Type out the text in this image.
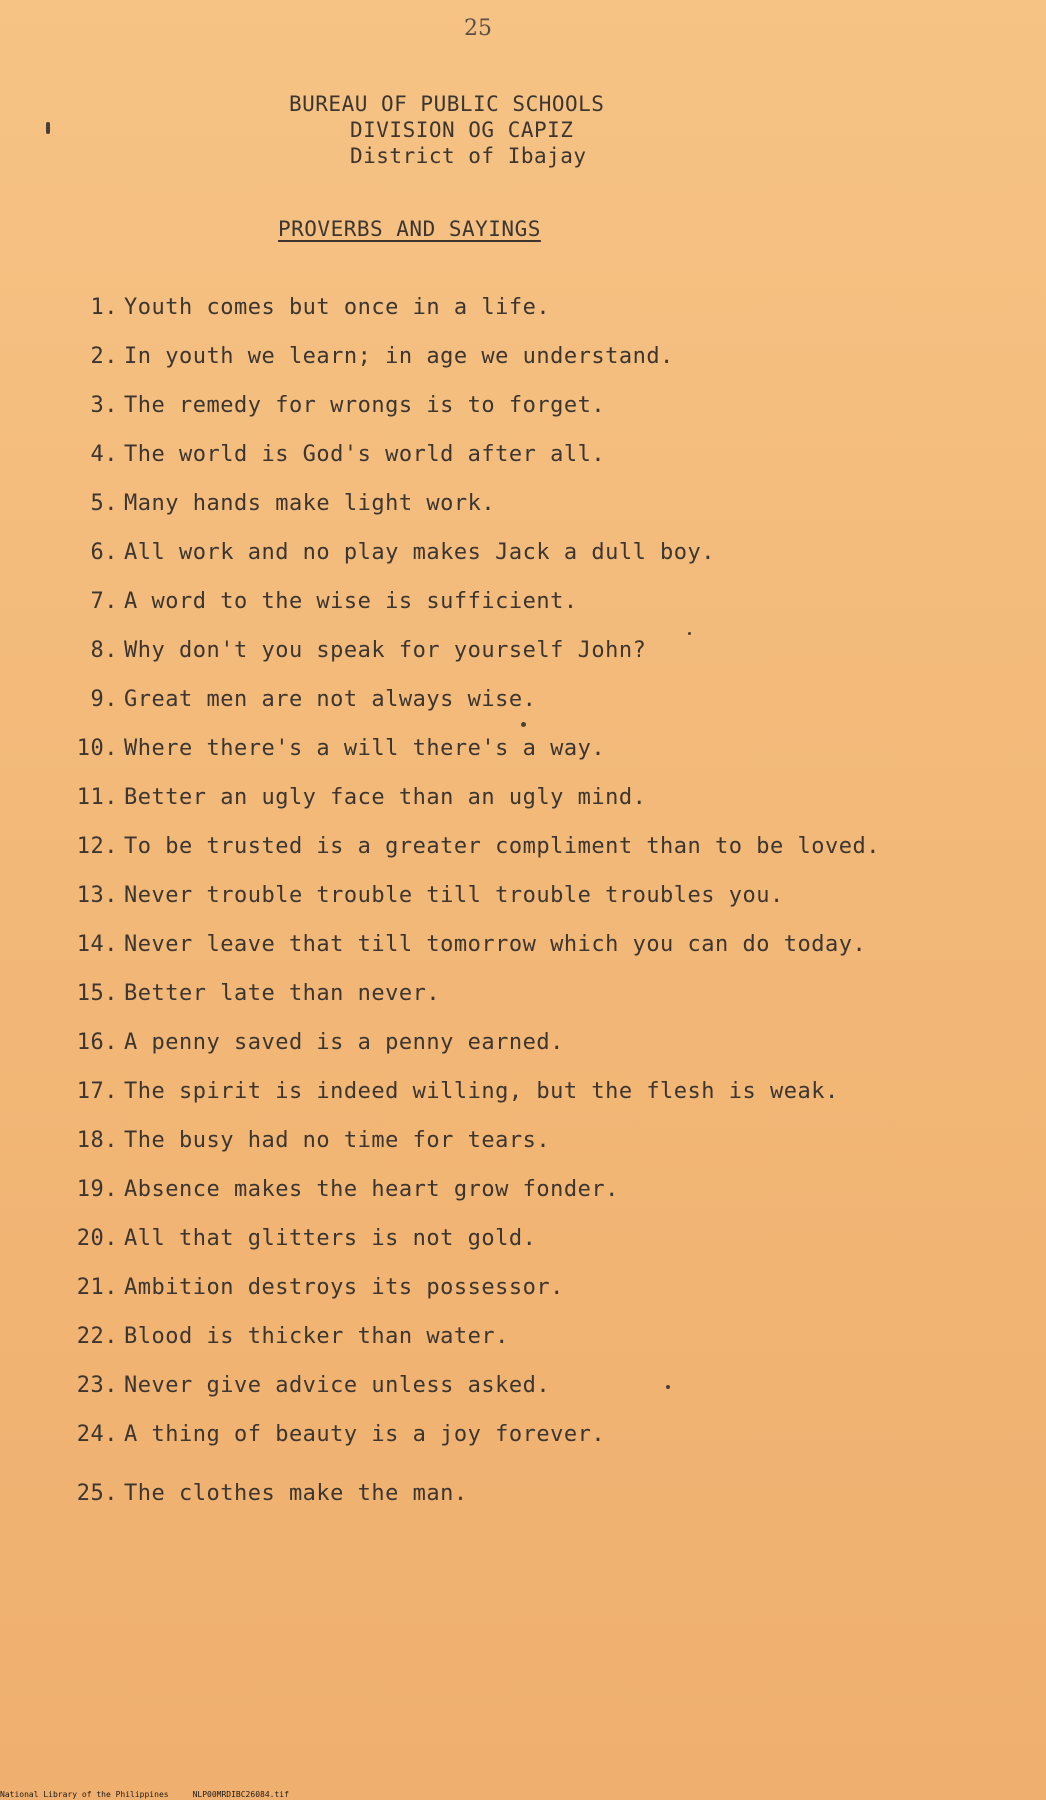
25
BUREAU OF PUBLIC SCHOOLS
DIVISION OG CAPIZ
District of Ibajay
PROVERBS AND SAYINGS
1. Youth comes but once in a life.
2. In youth we learn; in age we understand.
3. The remedy for wrongs is to forget.
4. The world is God's world after all.
5. Many hands make light work.
6. All work and no play makes Jack a dull boy.
7. A word to the wise is sufficient.
8. Why don't you speak for yourself John?
9. Great men are not always wise.
10. Where there's a will there's a way.
11. Better an ugly face than an ugly mind.
12. To be trusted is a greater compliment than to be loved.
13. Never trouble trouble till trouble troubles you.
14. Never leave that till tomorrow which you can do today.
15. Better late than never.
16. A penny saved is a penny earned.
17. The spirit is indeed willing, but the flesh is weak.
18. The busy had no time for tears.
19. Absence makes the heart grow fonder.
20. All that glitters is not gold.
21. Ambition destroys its possessor.
22. Blood is thicker than water.
23. Never give advice unless asked.
24. A thing of beauty is a joy forever.
25. The clothes make the man.
National Library of the Philippines	NLP00MRDIBC26084.tif
